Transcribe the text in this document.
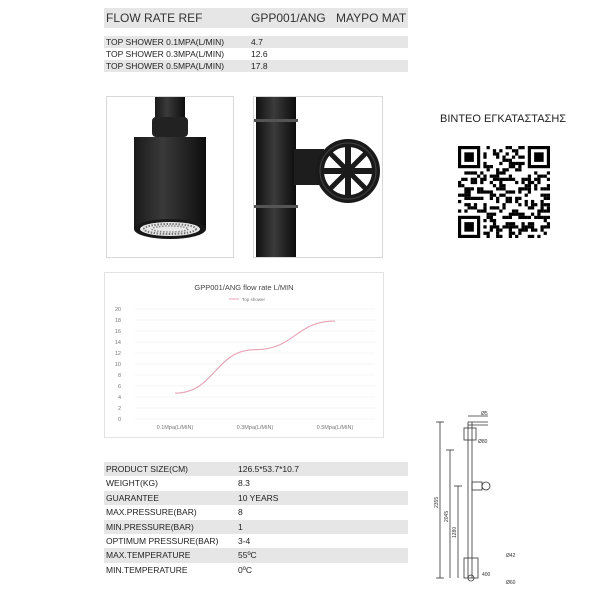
FLOW RATE REF	GPP001/ANG ΜΑΥΡΟ ΜΑΤ
TOP SHOWER 0.1MPA(L/MIN)	4.7
TOP SHOWER 0.3MPA(L/MIN)	12.6
TOP SHOWER 0.5MPA(L/MIN)	17.8
ΒΙΝΤΕΟ ΕΓΚΑΤΑΣΤΑΣΗΣ
GPP001/ANG flow rate L/MIN
Top shower
0
2
4
6
8
10
12
14
16
18
20
0.1Mpa(L/MIN)	0.3Mpa(L/MIN)	0.5Mpa(L/MIN)
PRODUCT SIZE(CM)	126.5*53.7*10.7
WEIGHT(KG)	8.3
GUARANTEE	10 YEARS
MAX.PRESSURE(BAR)	8
MIN.PRESSURE(BAR)	1
OPTIMUM PRESSURE(BAR) 3-4
MAX.TEMPERATURE	55ºC
MIN.TEMPERATURE	0ºC
Ø5
Ø80
2355
2045
1280
Ø42
400
Ø60
